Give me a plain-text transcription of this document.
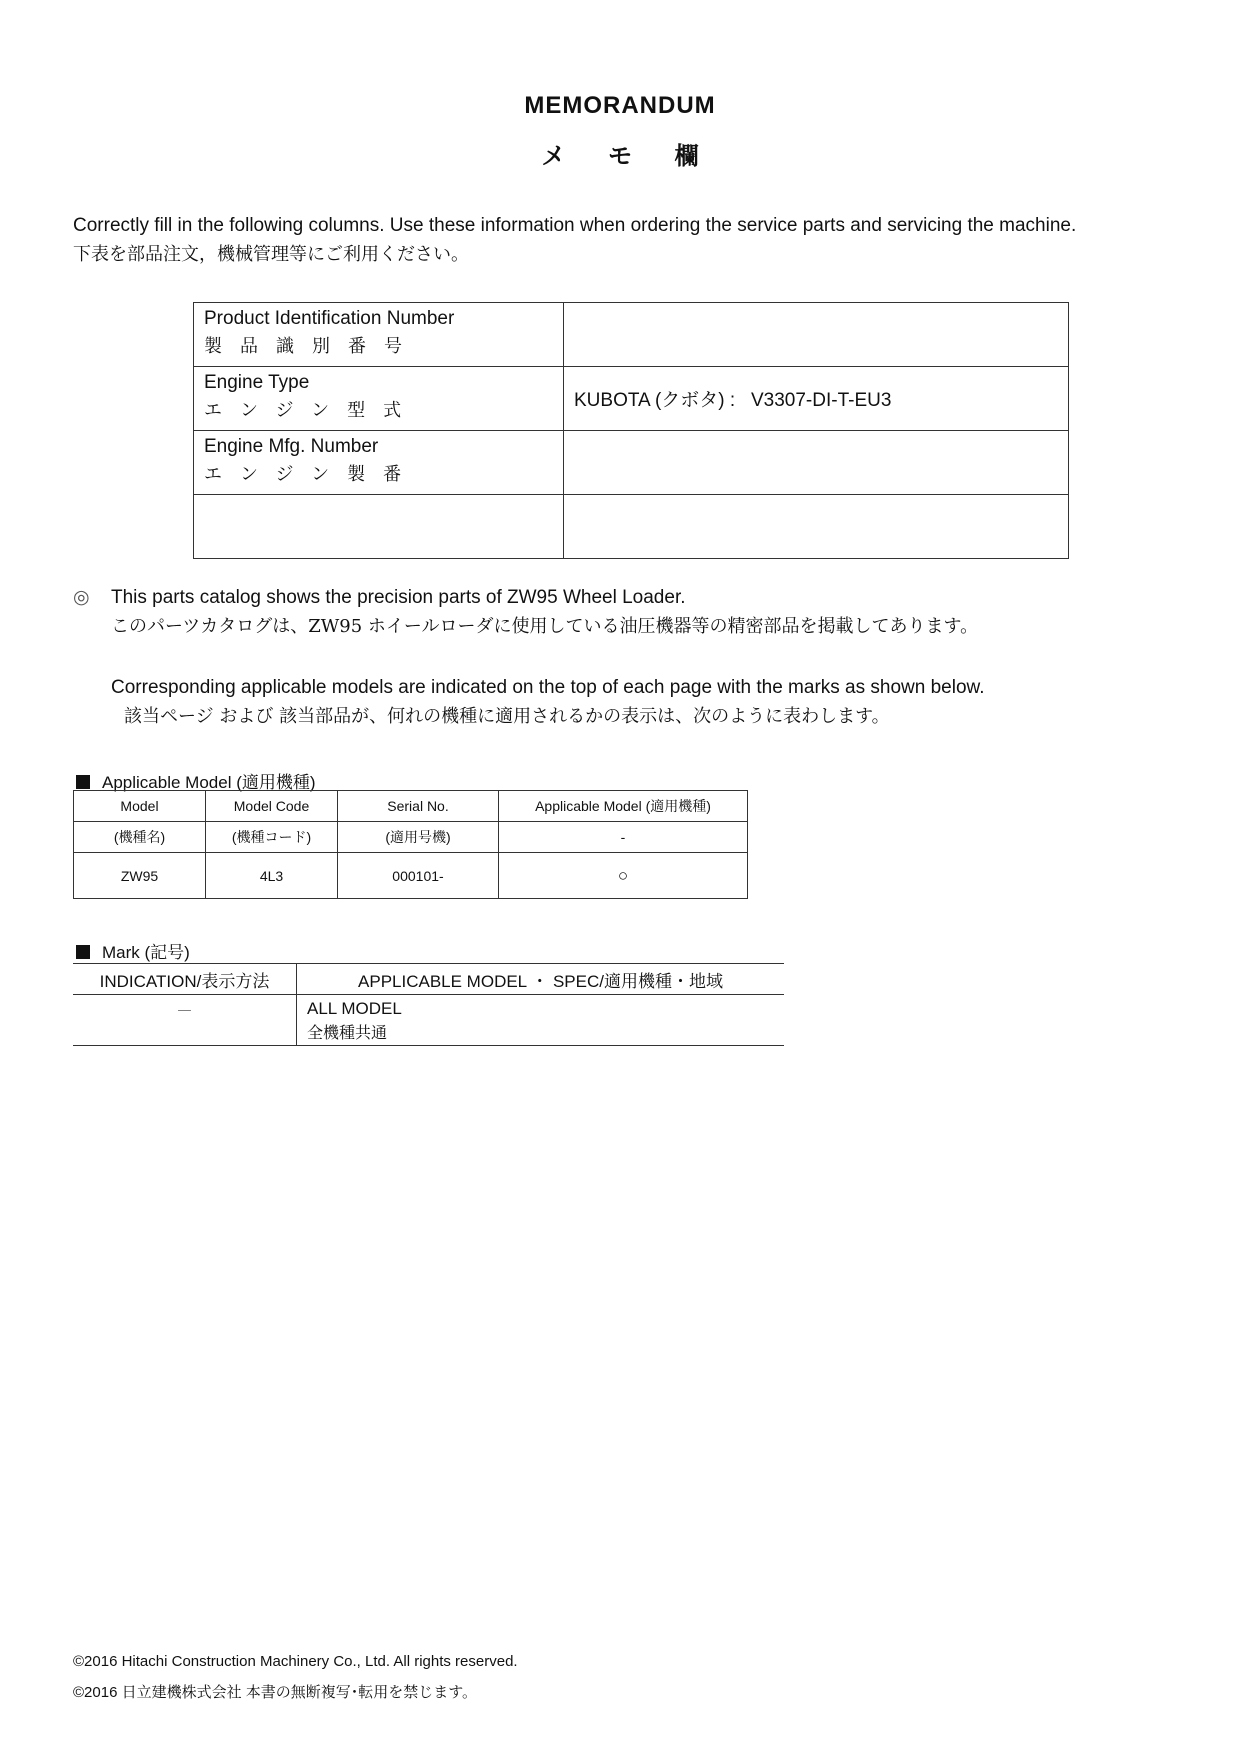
MEMORANDUM
メ モ 欄
Correctly fill in the following columns. Use these information when ordering the service parts and servicing the machine.
下表を部品注文，機械管理等にご利用ください。
Product Identification Number
製品識別番号	

Engine Type
エンジン型式	KUBOTA (クボタ) :   V3307-DI-T-EU3

Engine Mfg. Number
エンジン製番	

◎ This parts catalog shows the precision parts of ZW95 Wheel Loader.
このパーツカタログは、ZW95 ホイールローダに使用している油圧機器等の精密部品を掲載してあります。
Corresponding applicable models are indicated on the top of each page with the marks as shown below.
該当ページ および 該当部品が、何れの機種に適用されるかの表示は、次のように表わします。
Applicable Model (適用機種)
Model	Model Code	Serial No.	Applicable Model (適用機種)
(機種名)	(機種コード)	(適用号機)	-
ZW95	4L3	000101-	○
Mark (記号)
INDICATION/表示方法	APPLICABLE MODEL ・ SPEC/適用機種・地域
－	ALL MODEL
全機種共通
©2016 Hitachi Construction Machinery Co., Ltd. All rights reserved.
©2016 日立建機株式会社 本書の無断複写･転用を禁じます。
